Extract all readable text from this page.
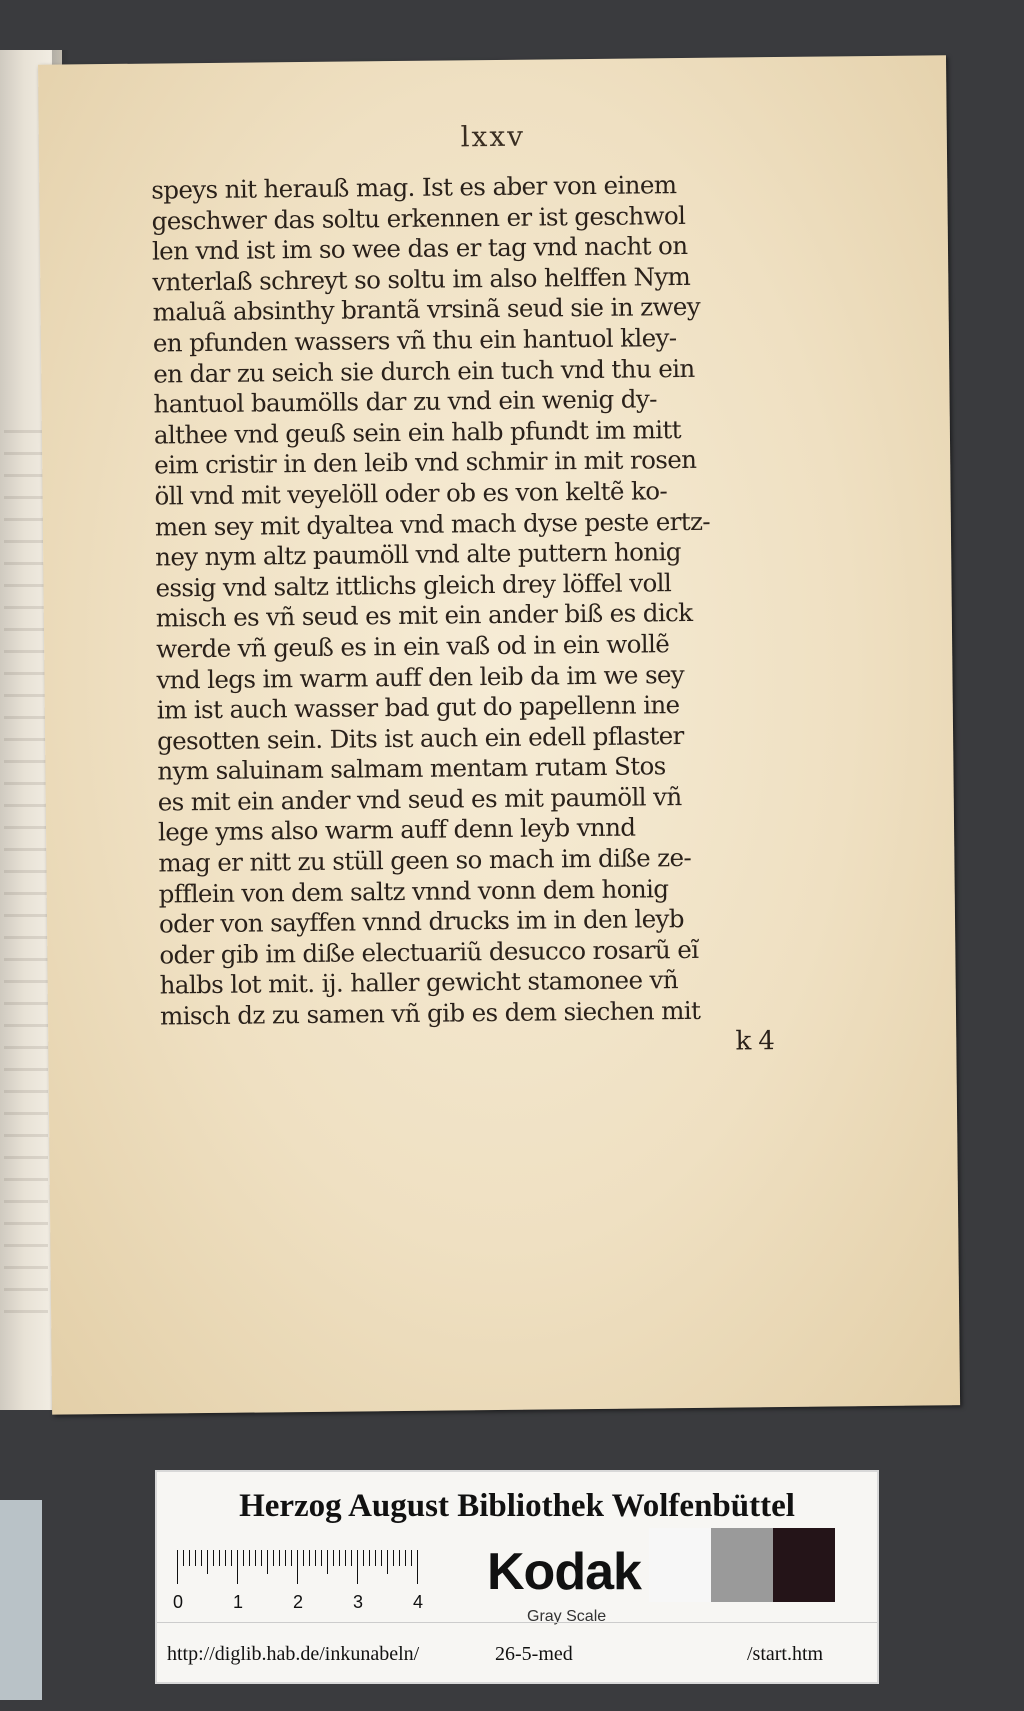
lxxv
speys nit herauß mag. Ist es aber von einem
geschwer das soltu erkennen er ist geschwol
len vnd ist im so wee das er tag vnd nacht on
vnterlaß schreyt so soltu im also helffen Nym
maluã absinthy brantã vrsinã seud sie in zwey
en pfunden wassers vñ thu ein hantuol kley-
en dar zu seich sie durch ein tuch vnd thu ein
hantuol baumölls dar zu vnd ein wenig dy-
althee vnd geuß sein ein halb pfundt im mitt
eim cristir in den leib vnd schmir in mit rosen
öll vnd mit veyelöll oder ob es von keltẽ ko-
men sey mit dyaltea vnd mach dyse peste ertz-
ney nym altz paumöll vnd alte puttern honig
essig vnd saltz ittlichs gleich drey löffel voll
misch es vñ seud es mit ein ander biß es dick
werde vñ geuß es in ein vaß od in ein wollẽ
vnd legs im warm auff den leib da im we sey
im ist auch wasser bad gut do papellenn ine
gesotten sein. Dits ist auch ein edell pflaster
nym saluinam salmam mentam rutam Stos
es mit ein ander vnd seud es mit paumöll vñ
lege yms also warm auff denn leyb vnnd
mag er nitt zu stüll geen so mach im diße ze-
pfflein von dem saltz vnnd vonn dem honig
oder von sayffen vnnd drucks im in den leyb
oder gib im diße electuariũ desucco rosarũ eĩ
halbs lot mit. ij. haller gewicht stamonee vñ
misch dz zu samen vñ gib es dem siechen mit
k 4
Herzog August Bibliothek Wolfenbüttel
0	1	2	3	4
Kodak
Gray Scale
http://diglib.hab.de/inkunabeln/	26-5-med	/start.htm
